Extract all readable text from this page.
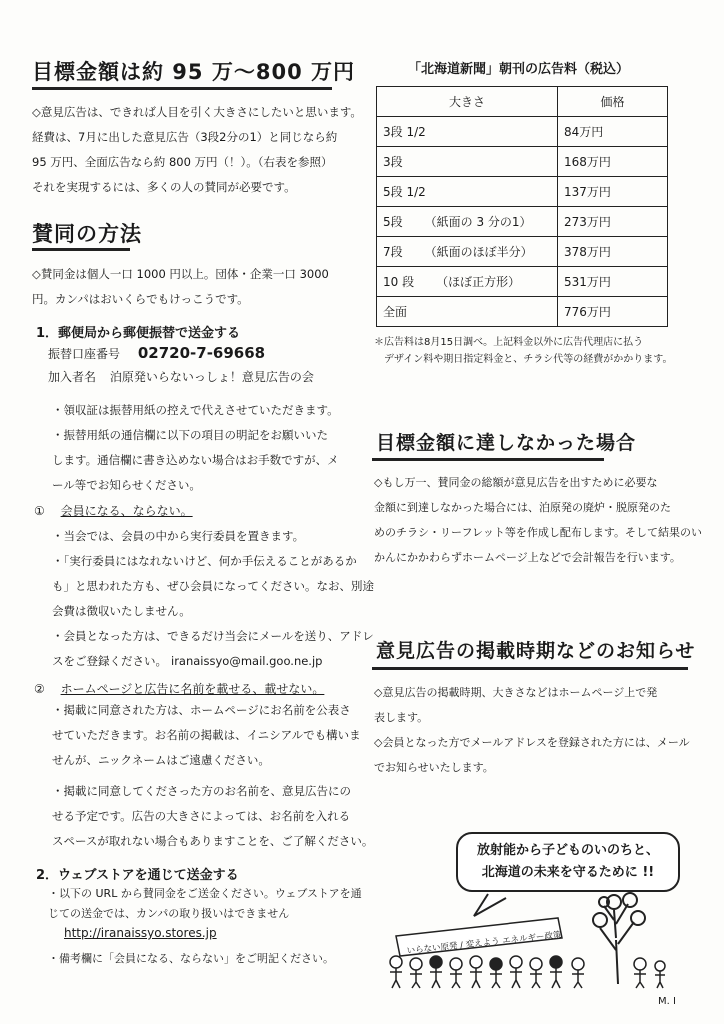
目標金額は約 95 万～800 万円
◇意見広告は、できれば人目を引く大きさにしたいと思います。
経費は、7月に出した意見広告（3段2分の1）と同じなら約
95 万円、全面広告なら約 800 万円（！）。（右表を参照）
それを実現するには、多くの人の賛同が必要です。
賛同の方法
◇賛同金は個人一口 1000 円以上。団体・企業一口 3000
円。カンパはおいくらでもけっこうです。
1．郵便局から郵便振替で送金する
振替口座番号 02720-7-69668
加入者名 泊原発いらないっしょ！意見広告の会
・領収証は振替用紙の控えで代えさせていただきます。
・振替用紙の通信欄に以下の項目の明記をお願いいた
します。通信欄に書き込めない場合はお手数ですが、メ
ール等でお知らせください。
① 会員になる、ならない。
・当会では、会員の中から実行委員を置きます。
・「実行委員にはなれないけど、何か手伝えることがあるか
も」と思われた方も、ぜひ会員になってください。なお、別途
会費は徴収いたしません。
・会員となった方は、できるだけ当会にメールを送り、アドレ
スをご登録ください。 iranaissyo@mail.goo.ne.jp
② ホームページと広告に名前を載せる、載せない。
・掲載に同意された方は、ホームページにお名前を公表さ
せていただきます。お名前の掲載は、イニシアルでも構いま
せんが、ニックネームはご遠慮ください。
・掲載に同意してくださった方のお名前を、意見広告にの
せる予定です。広告の大きさによっては、お名前を入れる
スペースが取れない場合もありますことを、ご了解ください。
2．ウェブストアを通じて送金する
・以下の URL から賛同金をご送金ください。ウェブストアを通
じての送金では、カンパの取り扱いはできません
http://iranaissyo.stores.jp
・備考欄に「会員になる、ならない」をご明記ください。
「北海道新聞」朝刊の広告料（税込）
大きさ	価格
3段 1/2	84万円
3段	168万円
5段 1/2	137万円
5段 （紙面の 3 分の1）	273万円
7段 （紙面のほぼ半分）	378万円
10 段 （ほぼ正方形）	531万円
全面	776万円
＊広告料は8月15日調べ。上記料金以外に広告代理店に払う
デザイン料や期日指定料金と、チラシ代等の経費がかかります。
目標金額に達しなかった場合
◇もし万一、賛同金の総額が意見広告を出すために必要な
金額に到達しなかった場合には、泊原発の廃炉・脱原発のた
めのチラシ・リーフレット等を作成し配布します。そして結果のい
かんにかかわらずホームページ上などで会計報告を行います。
意見広告の掲載時期などのお知らせ
◇意見広告の掲載時期、大きさなどはホームページ上で発
表します。
◇会員となった方でメールアドレスを登録された方には、メール
でお知らせいたします。
放射能から子どものいのちと、
北海道の未来を守るために !!
いらない原発 / 変えよう エネルギー政策
M. I
